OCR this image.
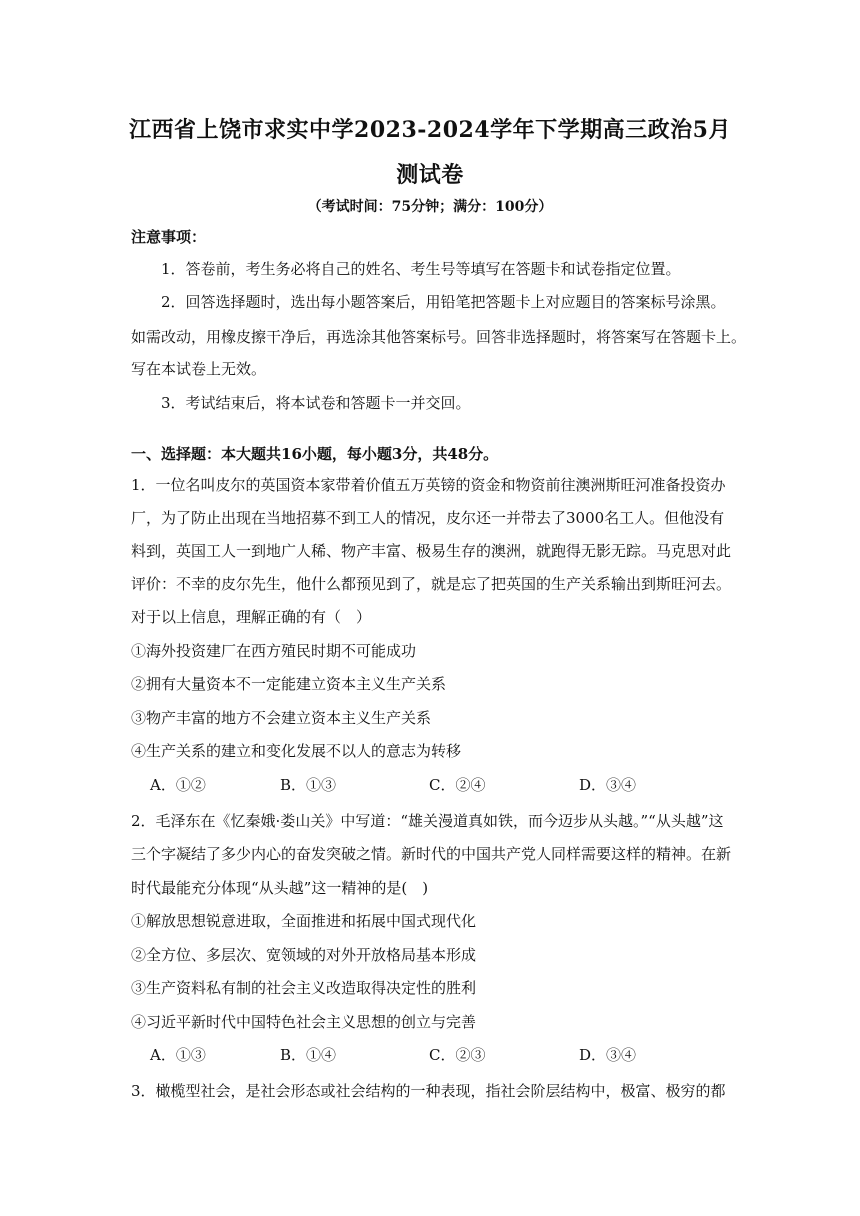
江西省上饶市求实中学2023-2024学年下学期高三政治5月
测试卷
（考试时间：75分钟；满分：100分）
注意事项：
1．答卷前，考生务必将自己的姓名、考生号等填写在答题卡和试卷指定位置。
2．回答选择题时，选出每小题答案后，用铅笔把答题卡上对应题目的答案标号涂黑。
如需改动，用橡皮擦干净后，再选涂其他答案标号。回答非选择题时，将答案写在答题卡上。
写在本试卷上无效。
3．考试结束后，将本试卷和答题卡一并交回。
一、选择题：本大题共16小题，每小题3分，共48分。
1．一位名叫皮尔的英国资本家带着价值五万英镑的资金和物资前往澳洲斯旺河准备投资办
厂，为了防止出现在当地招募不到工人的情况，皮尔还一并带去了3000名工人。但他没有
料到，英国工人一到地广人稀、物产丰富、极易生存的澳洲，就跑得无影无踪。马克思对此
评价：不幸的皮尔先生，他什么都预见到了，就是忘了把英国的生产关系输出到斯旺河去。
对于以上信息，理解正确的有（　）
①海外投资建厂在西方殖民时期不可能成功
②拥有大量资本不一定能建立资本主义生产关系
③物产丰富的地方不会建立资本主义生产关系
④生产关系的建立和变化发展不以人的意志为转移
A．①②	B．①③	C．②④	D．③④
2．毛泽东在《忆秦娥·娄山关》中写道：“雄关漫道真如铁，而今迈步从头越。”“从头越”这
三个字凝结了多少内心的奋发突破之情。新时代的中国共产党人同样需要这样的精神。在新
时代最能充分体现“从头越”这一精神的是(　)
①解放思想锐意进取，全面推进和拓展中国式现代化
②全方位、多层次、宽领域的对外开放格局基本形成
③生产资料私有制的社会主义改造取得决定性的胜利
④习近平新时代中国特色社会主义思想的创立与完善
A．①③	B．①④	C．②③	D．③④
3．橄榄型社会，是社会形态或社会结构的一种表现，指社会阶层结构中，极富、极穷的都
